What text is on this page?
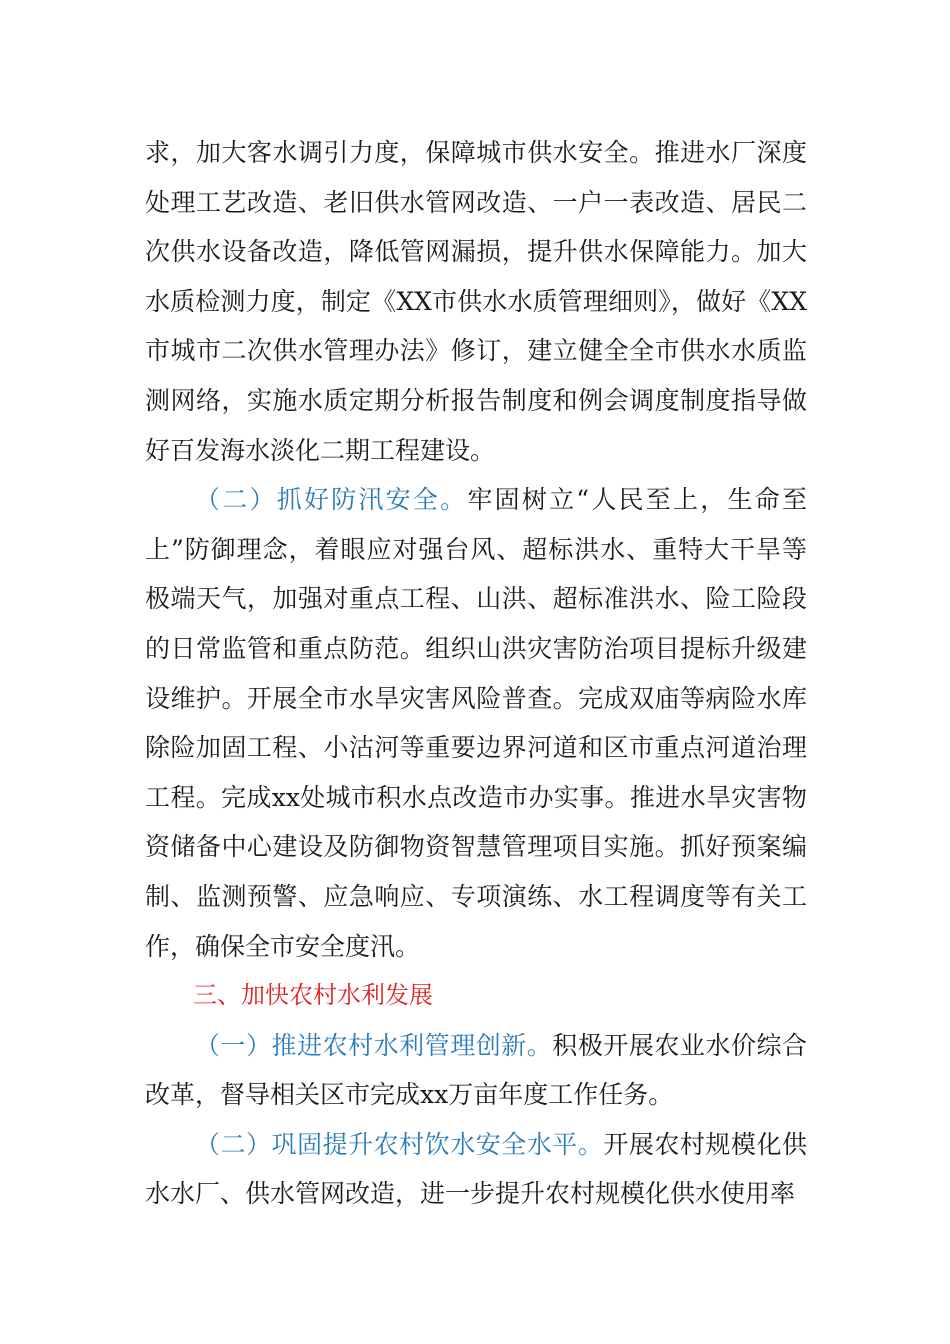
求，加大客水调引力度，保障城市供水安全。推进水厂深度处理工艺改造、老旧供水管网改造、一户一表改造、居民二次供水设备改造，降低管网漏损，提升供水保障能力。加大水质检测力度，制定《XX市供水水质管理细则》，做好《XX市城市二次供水管理办法》修订，建立健全全市供水水质监测网络，实施水质定期分析报告制度和例会调度制度指导做好百发海水淡化二期工程建设。

（二）抓好防汛安全。牢固树立“人民至上，生命至上”防御理念，着眼应对强台风、超标洪水、重特大干旱等极端天气，加强对重点工程、山洪、超标准洪水、险工险段的日常监管和重点防范。组织山洪灾害防治项目提标升级建设维护。开展全市水旱灾害风险普查。完成双庙等病险水库除险加固工程、小沽河等重要边界河道和区市重点河道治理工程。完成xx处城市积水点改造市办实事。推进水旱灾害物资储备中心建设及防御物资智慧管理项目实施。抓好预案编制、监测预警、应急响应、专项演练、水工程调度等有关工作，确保全市安全度汛。

三、加快农村水利发展

（一）推进农村水利管理创新。积极开展农业水价综合改革，督导相关区市完成xx万亩年度工作任务。

（二）巩固提升农村饮水安全水平。开展农村规模化供水水厂、供水管网改造，进一步提升农村规模化供水使用率
